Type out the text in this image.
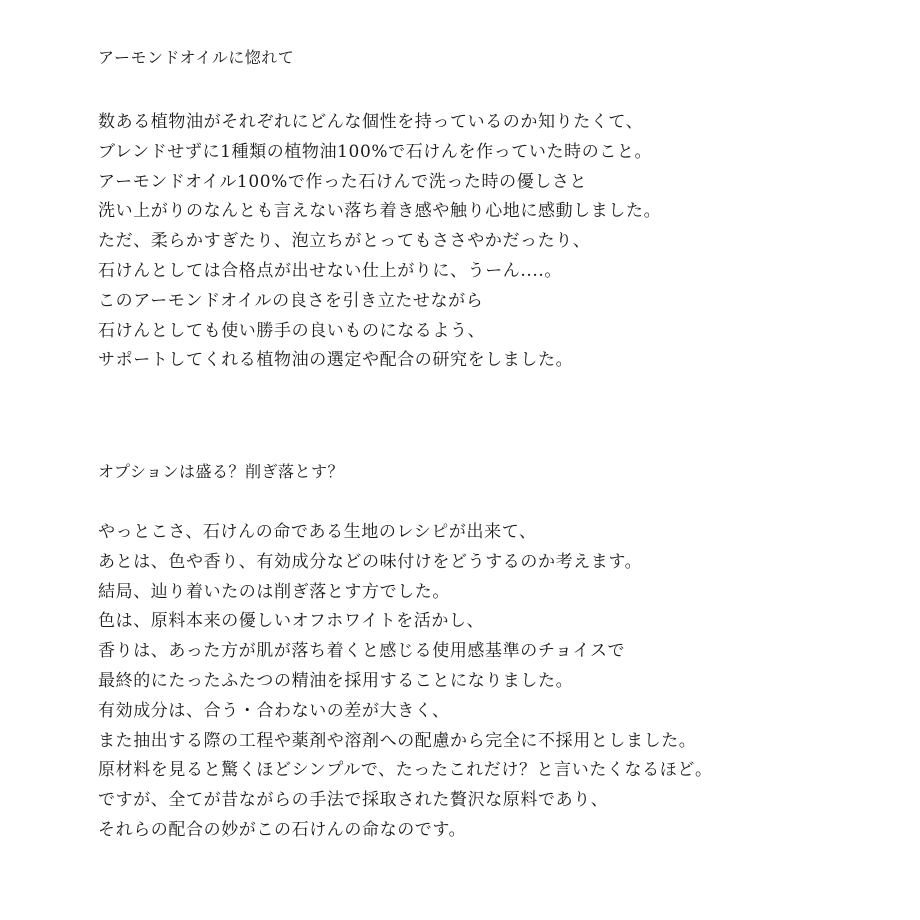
アーモンドオイルに惚れて
数ある植物油がそれぞれにどんな個性を持っているのか知りたくて、
ブレンドせずに1種類の植物油100%で石けんを作っていた時のこと。
アーモンドオイル100%で作った石けんで洗った時の優しさと
洗い上がりのなんとも言えない落ち着き感や触り心地に感動しました。
ただ、柔らかすぎたり、泡立ちがとってもささやかだったり、
石けんとしては合格点が出せない仕上がりに、うーん....。
このアーモンドオイルの良さを引き立たせながら
石けんとしても使い勝手の良いものになるよう、
サポートしてくれる植物油の選定や配合の研究をしました。
オプションは盛る？削ぎ落とす？
やっとこさ、石けんの命である生地のレシピが出来て、
あとは、色や香り、有効成分などの味付けをどうするのか考えます。
結局、辿り着いたのは削ぎ落とす方でした。
色は、原料本来の優しいオフホワイトを活かし、
香りは、あった方が肌が落ち着くと感じる使用感基準のチョイスで
最終的にたったふたつの精油を採用することになりました。
有効成分は、合う・合わないの差が大きく、
また抽出する際の工程や薬剤や溶剤への配慮から完全に不採用としました。
原材料を見ると驚くほどシンプルで、たったこれだけ？と言いたくなるほど。
ですが、全てが昔ながらの手法で採取された贅沢な原料であり、
それらの配合の妙がこの石けんの命なのです。
